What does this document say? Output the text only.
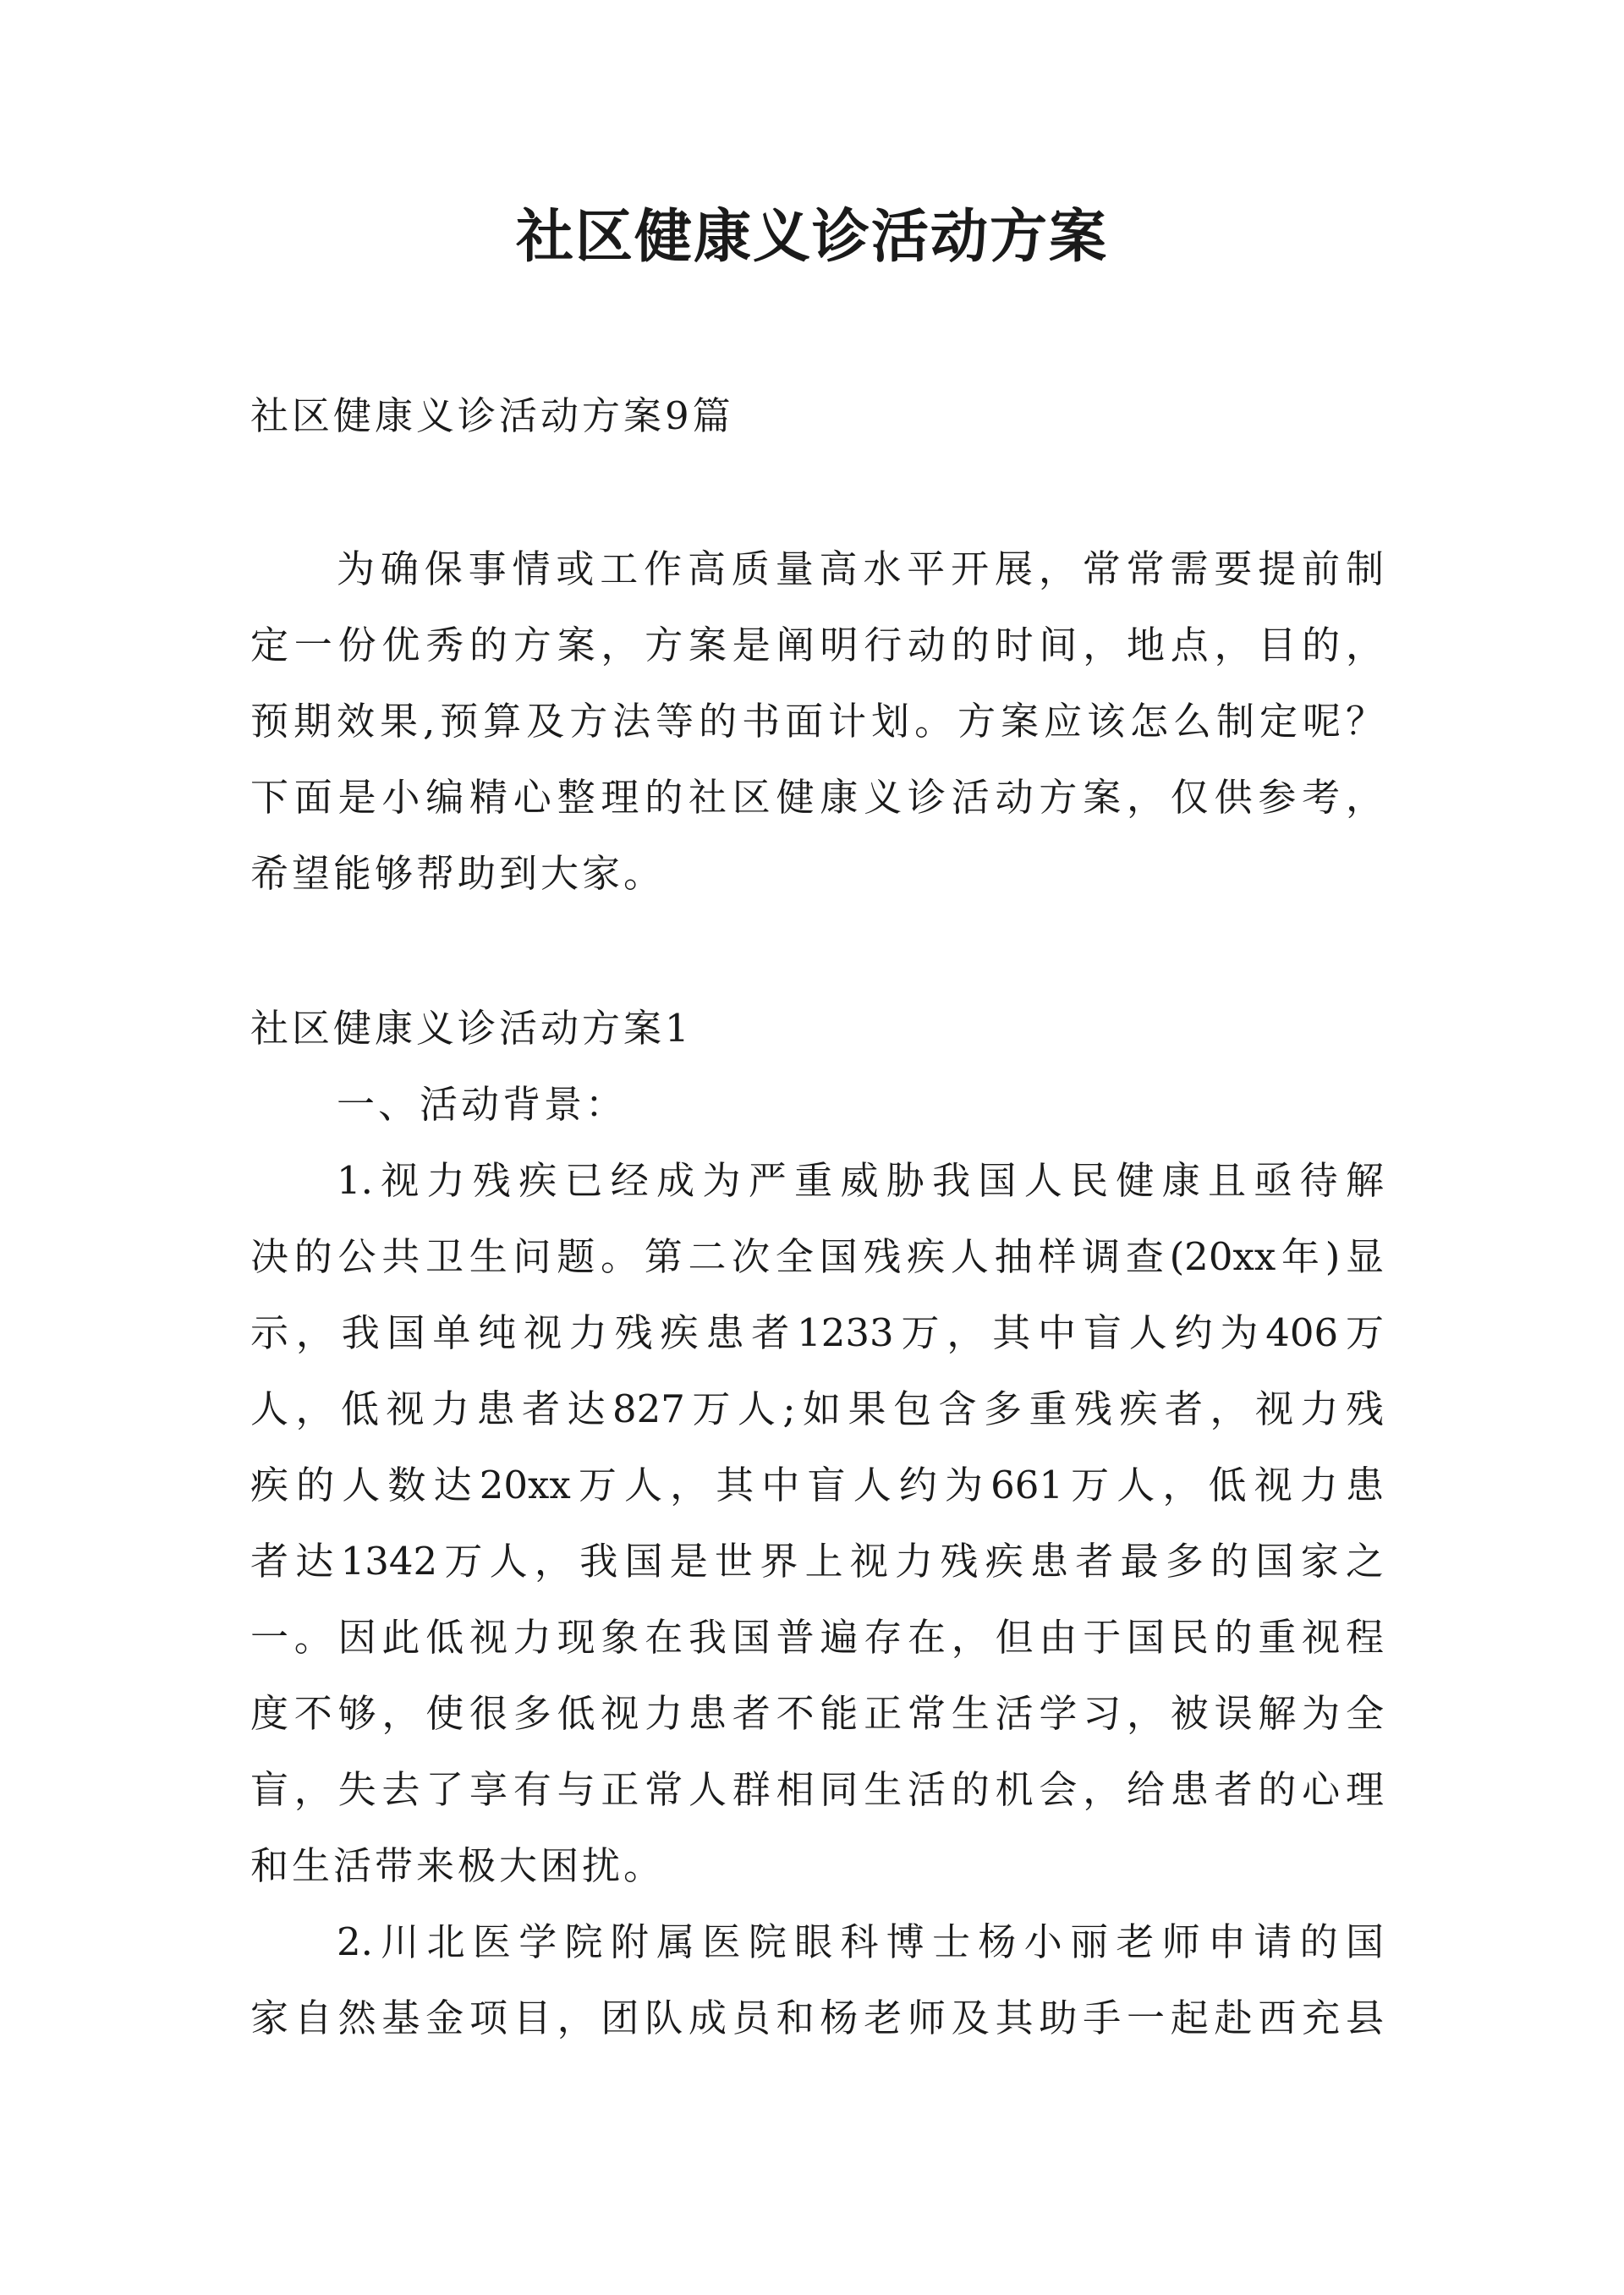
社区健康义诊活动方案
社区健康义诊活动方案9篇
为确保事情或工作高质量高水平开展，常常需要提前制
定一份优秀的方案，方案是阐明行动的时间，地点，目的，
预期效果,预算及方法等的书面计划。方案应该怎么制定呢？
下面是小编精心整理的社区健康义诊活动方案，仅供参考，
希望能够帮助到大家。
社区健康义诊活动方案1
一、活动背景：
1.视力残疾已经成为严重威胁我国人民健康且亟待解
决的公共卫生问题。第二次全国残疾人抽样调查(20xx年)显
示，我国单纯视力残疾患者1233万，其中盲人约为406万
人，低视力患者达827万人;如果包含多重残疾者，视力残
疾的人数达20xx万人，其中盲人约为661万人，低视力患
者达1342万人，我国是世界上视力残疾患者最多的国家之
一。因此低视力现象在我国普遍存在，但由于国民的重视程
度不够，使很多低视力患者不能正常生活学习，被误解为全
盲，失去了享有与正常人群相同生活的机会，给患者的心理
和生活带来极大困扰。
2.川北医学院附属医院眼科博士杨小丽老师申请的国
家自然基金项目，团队成员和杨老师及其助手一起赴西充县
